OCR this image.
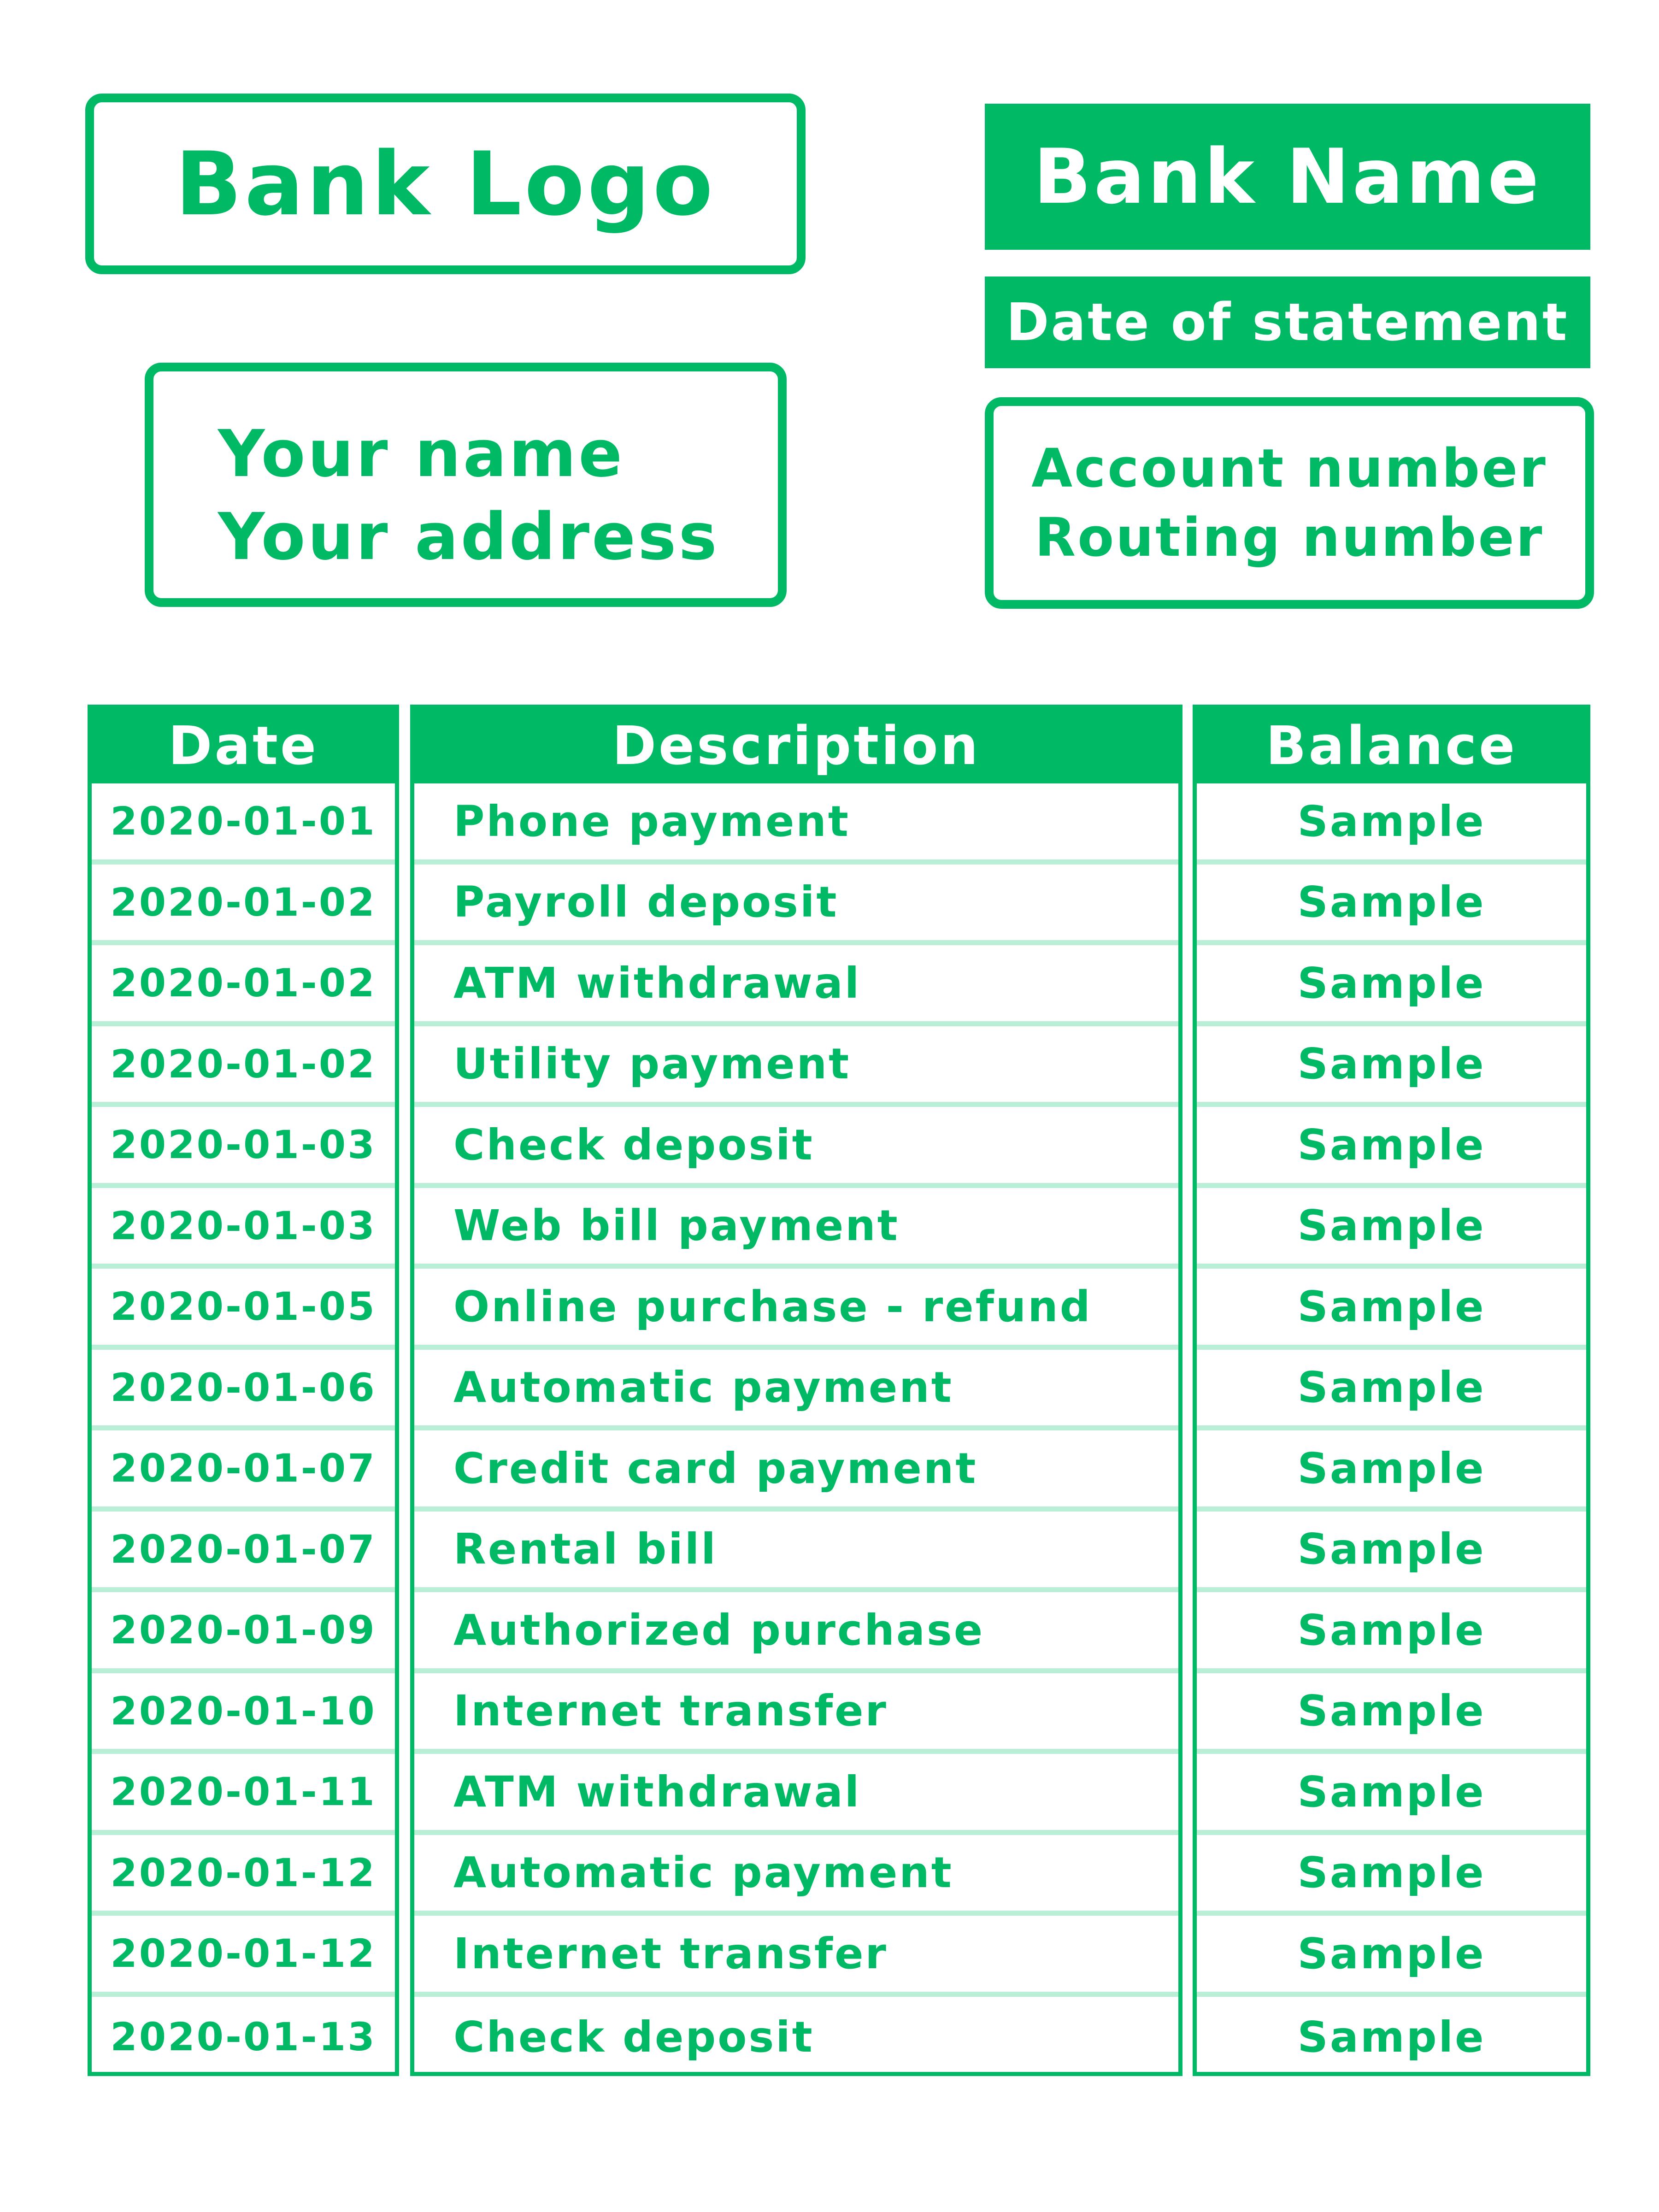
Bank Logo	Bank Name
Date of statement
Your name
Your address
Account number
Routing number
Date
2020-01-01
2020-01-02
2020-01-02
2020-01-02
2020-01-03
2020-01-03
2020-01-05
2020-01-06
2020-01-07
2020-01-07
2020-01-09
2020-01-10
2020-01-11
2020-01-12
2020-01-12
2020-01-13
Description
Phone payment
Payroll deposit
ATM withdrawal
Utility payment
Check deposit
Web bill payment
Online purchase - refund
Automatic payment
Credit card payment
Rental bill
Authorized purchase
Internet transfer
ATM withdrawal
Automatic payment
Internet transfer
Check deposit
Balance
Sample
Sample
Sample
Sample
Sample
Sample
Sample
Sample
Sample
Sample
Sample
Sample
Sample
Sample
Sample
Sample
